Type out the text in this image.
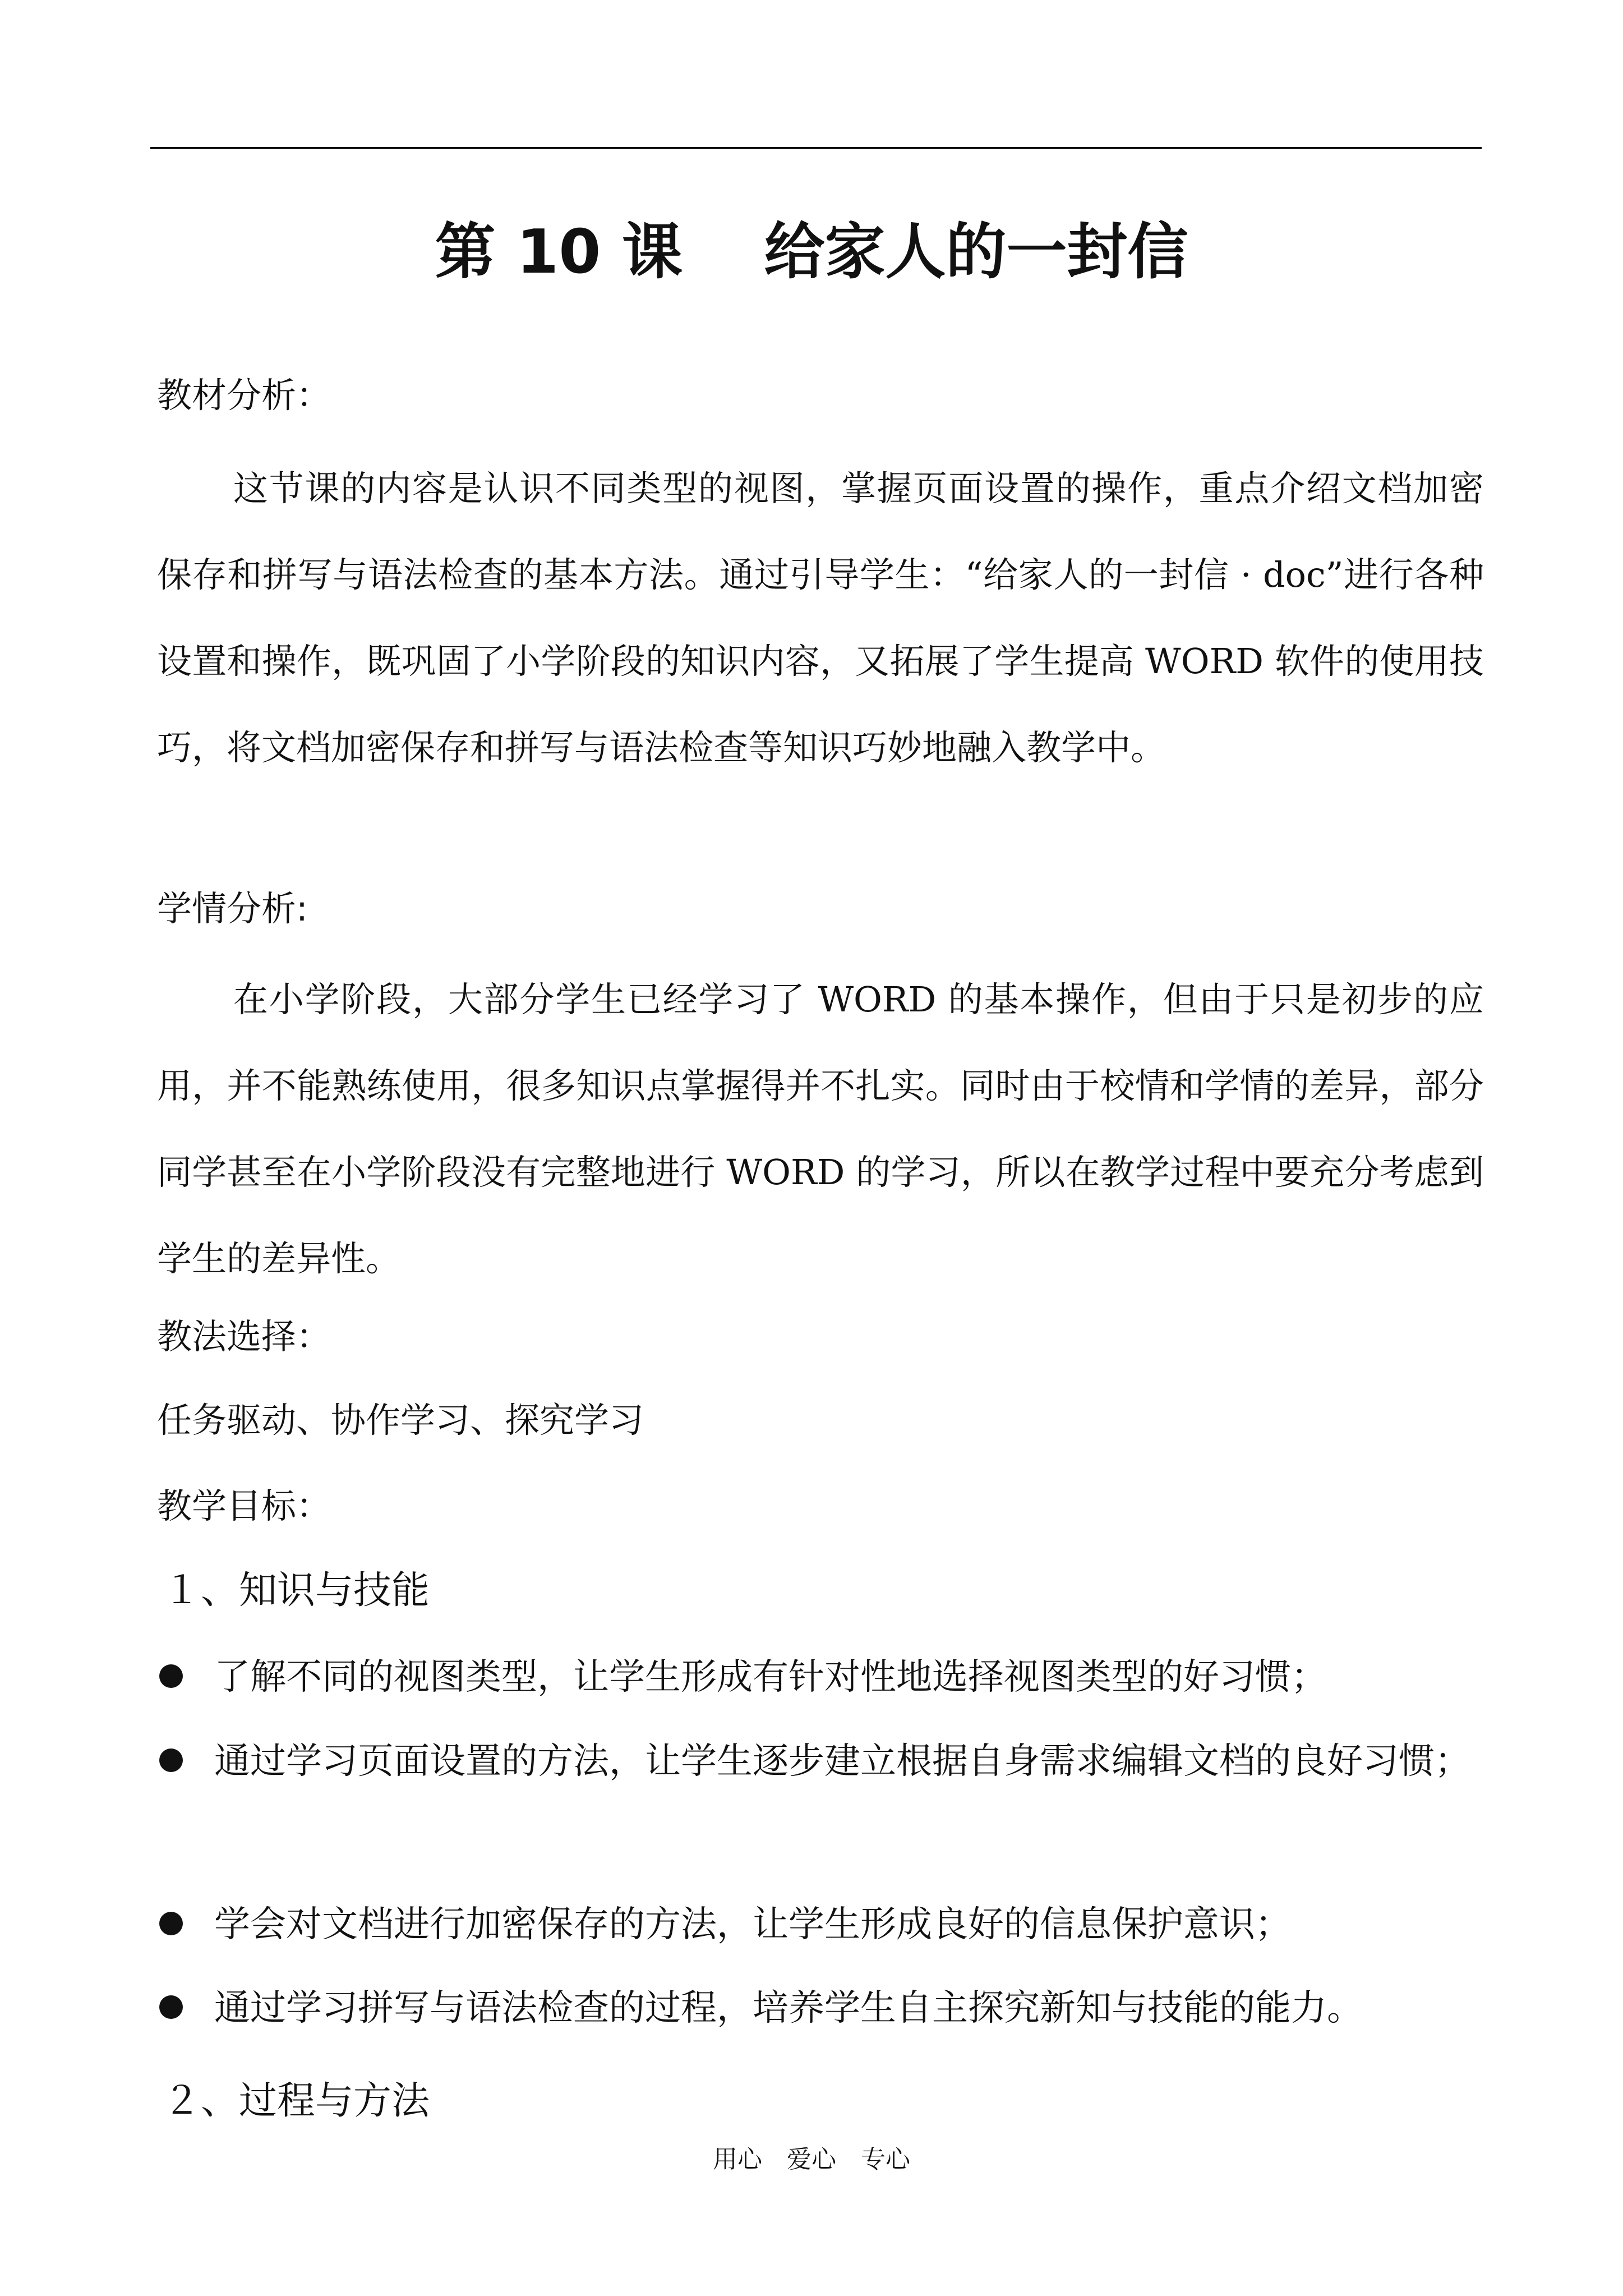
第 10 课　 给家人的一封信
教材分析：
这节课的内容是认识不同类型的视图，掌握页面设置的操作，重点介绍文档加密保存和拼写与语法检查的基本方法。通过引导学生：“给家人的一封信 · doc”进行各种设置和操作，既巩固了小学阶段的知识内容，又拓展了学生提高 WORD 软件的使用技巧，将文档加密保存和拼写与语法检查等知识巧妙地融入教学中。
学情分析:
在小学阶段，大部分学生已经学习了 WORD 的基本操作，但由于只是初步的应用，并不能熟练使用，很多知识点掌握得并不扎实。同时由于校情和学情的差异，部分同学甚至在小学阶段没有完整地进行 WORD 的学习，所以在教学过程中要充分考虑到学生的差异性。
教法选择：
任务驱动、协作学习、探究学习
教学目标：
１、知识与技能
了解不同的视图类型，让学生形成有针对性地选择视图类型的好习惯；
通过学习页面设置的方法，让学生逐步建立根据自身需求编辑文档的良好习惯；
学会对文档进行加密保存的方法，让学生形成良好的信息保护意识；
通过学习拼写与语法检查的过程，培养学生自主探究新知与技能的能力。
２、过程与方法
用心　爱心　专心
